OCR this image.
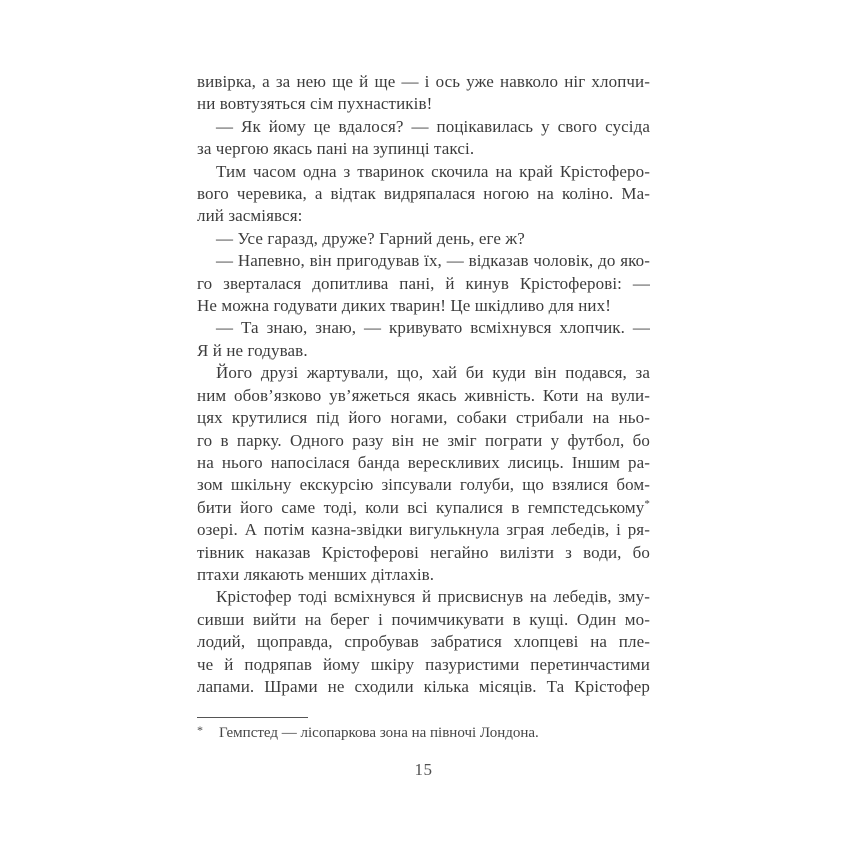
вивірка, а за нею ще й ще — і ось уже навколо ніг хлопчи-
ни вовтузяться сім пухнастиків!
— Як йому це вдалося? — поцікавилась у свого сусіда
за чергою якась пані на зупинці таксі.
Тим часом одна з тваринок скочила на край Крістоферо-
вого черевика, а відтак видряпалася ногою на коліно. Ма-
лий засміявся:
— Усе гаразд, друже? Гарний день, еге ж?
— Напевно, він пригодував їх, — відказав чоловік, до яко-
го зверталася допитлива пані, й кинув Крістоферові: —
Не можна годувати диких тварин! Це шкідливо для них!
— Та знаю, знаю, — кривувато всміхнувся хлопчик. —
Я й не годував.
Його друзі жартували, що, хай би куди він подався, за
ним обов’язково ув’яжеться якась живність. Коти на вули-
цях крутилися під його ногами, собаки стрибали на ньо-
го в парку. Одного разу він не зміг пограти у футбол, бо
на нього напосілася банда верескливих лисиць. Іншим ра-
зом шкільну екскурсію зіпсували голуби, що взялися бом-
бити його саме тоді, коли всі купалися в гемпстедському*
озері. А потім казна-звідки вигулькнула зграя лебедів, і ря-
тівник наказав Крістоферові негайно вилізти з води, бо
птахи лякають менших дітлахів.
Крістофер тоді всміхнувся й присвиснув на лебедів, зму-
сивши вийти на берег і почимчикувати в кущі. Один мо-
лодий, щоправда, спробував забратися хлопцеві на пле-
че й подряпав йому шкіру пазуристими перетинчастими
лапами. Шрами не сходили кілька місяців. Та Крістофер
* Гемпстед — лісопаркова зона на півночі Лондона.
15
